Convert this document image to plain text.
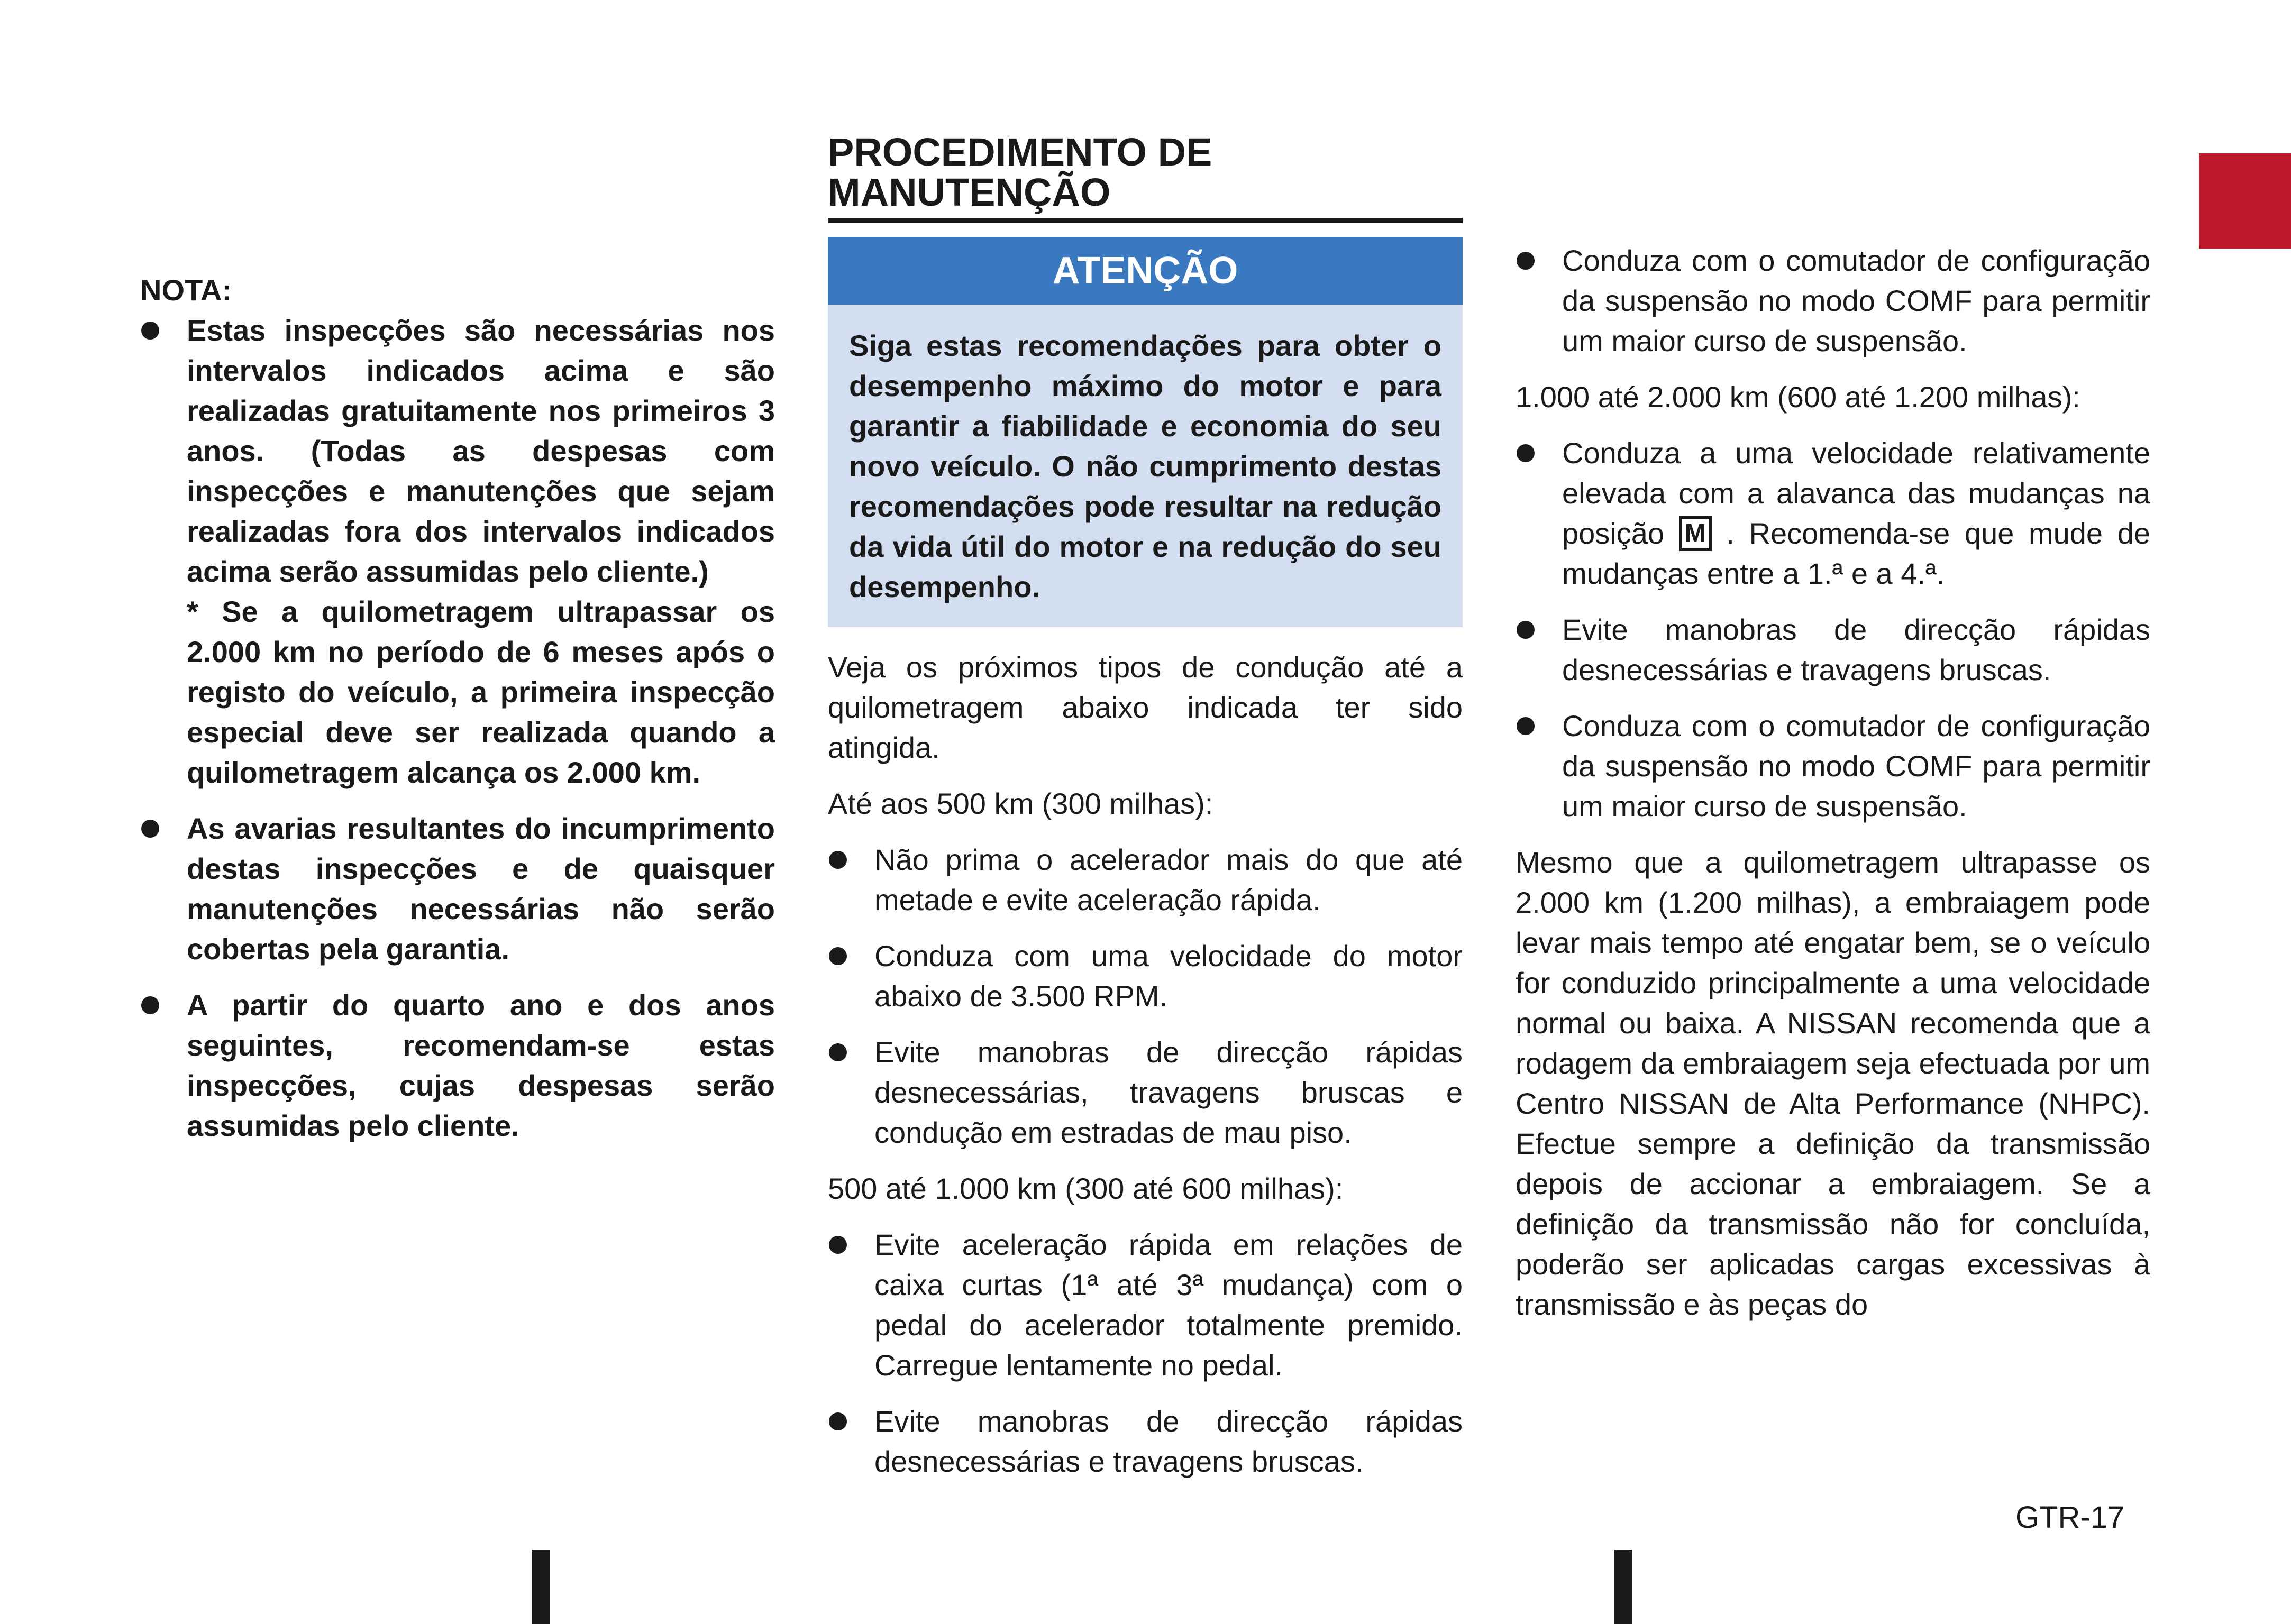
NOTA:

Estas inspecções são necessárias nos intervalos indicados acima e são realizadas gratuitamente nos primeiros 3 anos. (Todas as despesas com inspecções e manutenções que sejam realizadas fora dos intervalos indicados acima serão assumidas pelo cliente.)
* Se a quilometragem ultrapassar os 2.000 km no período de 6 meses após o registo do veículo, a primeira inspecção especial deve ser realizada quando a quilometragem alcança os 2.000 km.
As avarias resultantes do incumprimento destas inspecções e de quaisquer manutenções necessárias não serão cobertas pela garantia.
A partir do quarto ano e dos anos seguintes, recomendam-se estas inspecções, cujas despesas serão assumidas pelo cliente.
PROCEDIMENTO DE
MANUTENÇÃO
ATENÇÃO
Siga estas recomendações para obter o desempenho máximo do motor e para garantir a fiabilidade e economia do seu novo veículo. O não cumprimento destas recomendações pode resultar na redução da vida útil do motor e na redução do seu desempenho.

Veja os próximos tipos de condução até a quilometragem abaixo indicada ter sido atingida.

Até aos 500 km (300 milhas):

Não prima o acelerador mais do que até metade e evite aceleração rápida.
Conduza com uma velocidade do motor abaixo de 3.500 RPM.
Evite manobras de direcção rápidas desnecessárias, travagens bruscas e condução em estradas de mau piso.

500 até 1.000 km (300 até 600 milhas):

Evite aceleração rápida em relações de caixa curtas (1ª até 3ª mudança) com o pedal do acelerador totalmente premido. Carregue lentamente no pedal.
Evite manobras de direcção rápidas desnecessárias e travagens bruscas.
Conduza com o comutador de configuração da suspensão no modo COMF para permitir um maior curso de suspensão.

1.000 até 2.000 km (600 até 1.200 milhas):

Conduza a uma velocidade relativamente elevada com a alavanca das mudanças na posição M . Recomenda-se que mude de mudanças entre a 1.ª e a 4.ª.
Evite manobras de direcção rápidas desnecessárias e travagens bruscas.
Conduza com o comutador de configuração da suspensão no modo COMF para permitir um maior curso de suspensão.

Mesmo que a quilometragem ultrapasse os 2.000 km (1.200 milhas), a embraiagem pode levar mais tempo até engatar bem, se o veículo for conduzido principalmente a uma velocidade normal ou baixa. A NISSAN recomenda que a rodagem da embraiagem seja efectuada por um Centro NISSAN de Alta Performance (NHPC). Efectue sempre a definição da transmissão depois de accionar a embraiagem. Se a definição da transmissão não for concluída, poderão ser aplicadas cargas excessivas à transmissão e às peças do

GTR-17
